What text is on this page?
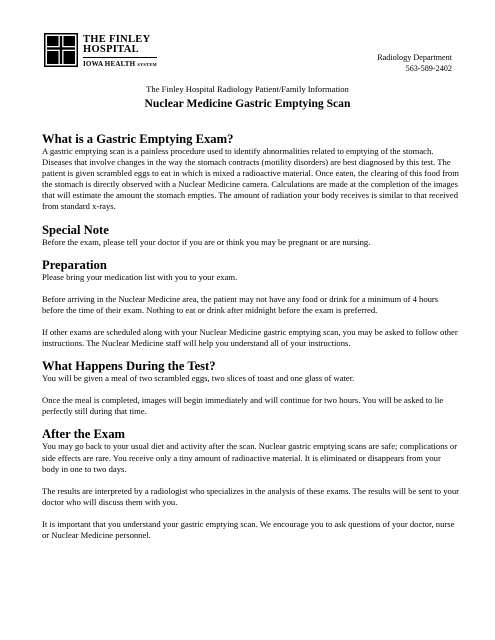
THE FINLEY
HOSPITAL
IOWA HEALTH SYSTEM
Radiology Department
563-589-2402
The Finley Hospital Radiology Patient/Family Information
Nuclear Medicine Gastric Emptying Scan
What is a Gastric Emptying Exam?

A gastric emptying scan is a painless procedure used to identify abnormalities related to emptying of the stomach. Diseases that involve changes in the way the stomach contracts (motility disorders) are best diagnosed by this test. The patient is given scrambled eggs to eat in which is mixed a radioactive material. Once eaten, the clearing of this food from the stomach is directly observed with a Nuclear Medicine camera. Calculations are made at the completion of the images that will estimate the amount the stomach empties. The amount of radiation your body receives is similar to that received from standard x-rays.

Special Note

Before the exam, please tell your doctor if you are or think you may be pregnant or are nursing.

Preparation

Please bring your medication list with you to your exam.

Before arriving in the Nuclear Medicine area, the patient may not have any food or drink for a minimum of 4 hours before the time of their exam. Nothing to eat or drink after midnight before the exam is preferred.

If other exams are scheduled along with your Nuclear Medicine gastric emptying scan, you may be asked to follow other instructions. The Nuclear Medicine staff will help you understand all of your instructions.

What Happens During the Test?

You will be given a meal of two scrambled eggs, two slices of toast and one glass of water.

Once the meal is completed, images will begin immediately and will continue for two hours. You will be asked to lie perfectly still during that time.

After the Exam

You may go back to your usual diet and activity after the scan. Nuclear gastric emptying scans are safe; complications or side effects are rare. You receive only a tiny amount of radioactive material. It is eliminated or disappears from your body in one to two days.

The results are interpreted by a radiologist who specializes in the analysis of these exams. The results will be sent to your doctor who will discuss them with you.

It is important that you understand your gastric emptying scan. We encourage you to ask questions of your doctor, nurse or Nuclear Medicine personnel.
